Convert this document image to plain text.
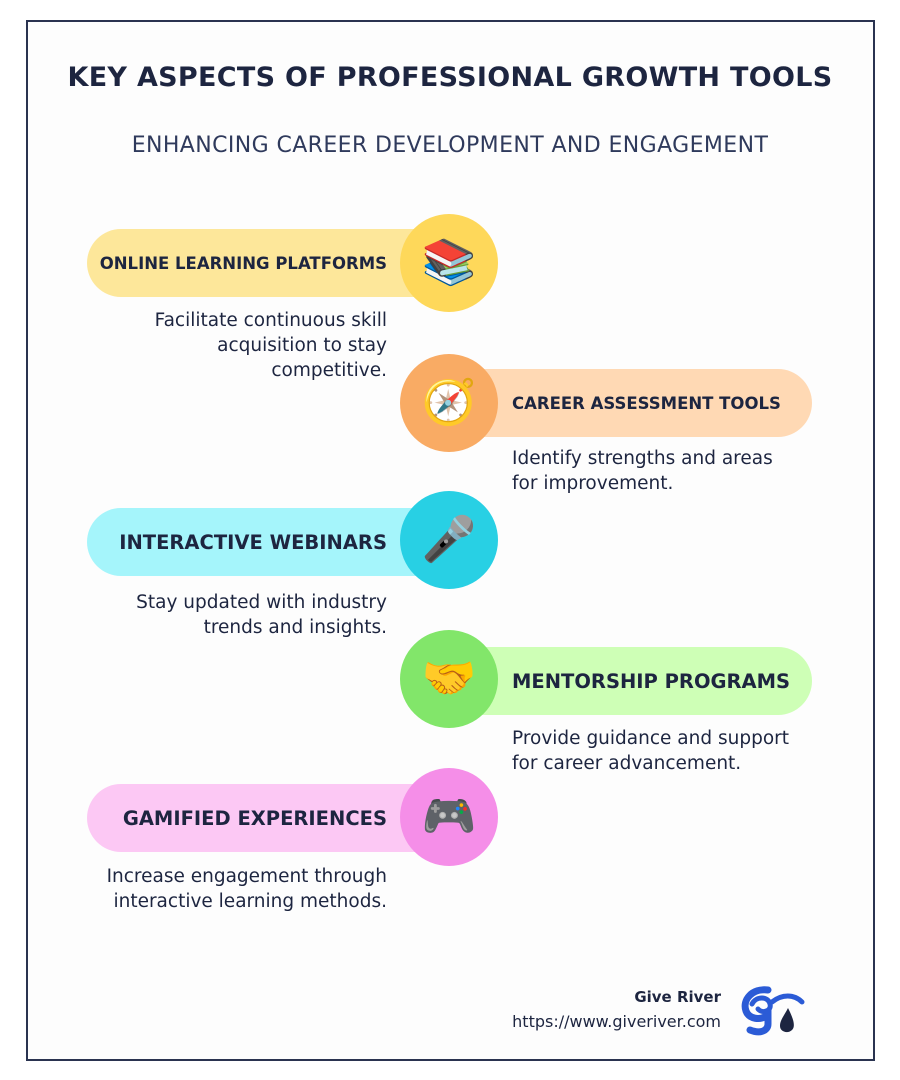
KEY ASPECTS OF PROFESSIONAL GROWTH TOOLS
ENHANCING CAREER DEVELOPMENT AND ENGAGEMENT
ONLINE LEARNING PLATFORMS 📚
Facilitate continuous skill acquisition to stay competitive.
CAREER ASSESSMENT TOOLS
🧭
Identify strengths and areas for improvement.
INTERACTIVE WEBINARS 🎤
Stay updated with industry trends and insights.
MENTORSHIP PROGRAMS
🤝
Provide guidance and support for career advancement.
GAMIFIED EXPERIENCES 🎮
Increase engagement through interactive learning methods.
Give River
https://www.giveriver.com
